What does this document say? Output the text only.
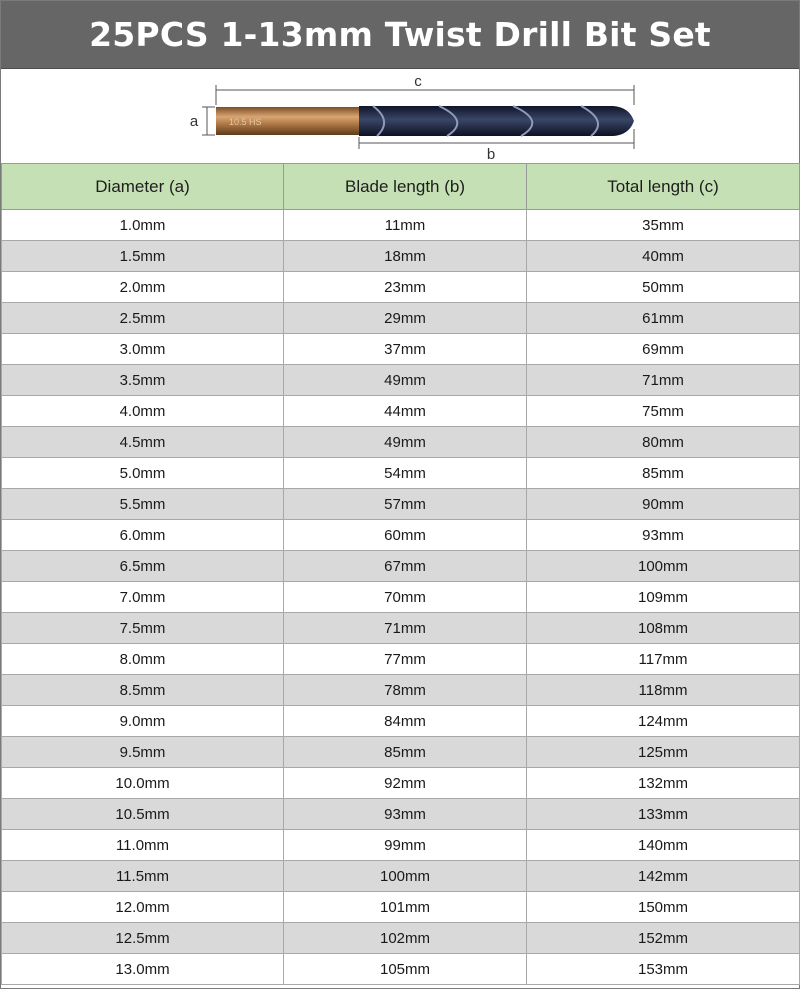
25PCS 1-13mm Twist Drill Bit Set
c
a	10.5 HS
b
Diameter (a)	Blade length (b)	Total length (c)
1.0mm	11mm	35mm
1.5mm	18mm	40mm
2.0mm	23mm	50mm
2.5mm	29mm	61mm
3.0mm	37mm	69mm
3.5mm	49mm	71mm
4.0mm	44mm	75mm
4.5mm	49mm	80mm
5.0mm	54mm	85mm
5.5mm	57mm	90mm
6.0mm	60mm	93mm
6.5mm	67mm	100mm
7.0mm	70mm	109mm
7.5mm	71mm	108mm
8.0mm	77mm	117mm
8.5mm	78mm	118mm
9.0mm	84mm	124mm
9.5mm	85mm	125mm
10.0mm	92mm	132mm
10.5mm	93mm	133mm
11.0mm	99mm	140mm
11.5mm	100mm	142mm
12.0mm	101mm	150mm
12.5mm	102mm	152mm
13.0mm	105mm	153mm
